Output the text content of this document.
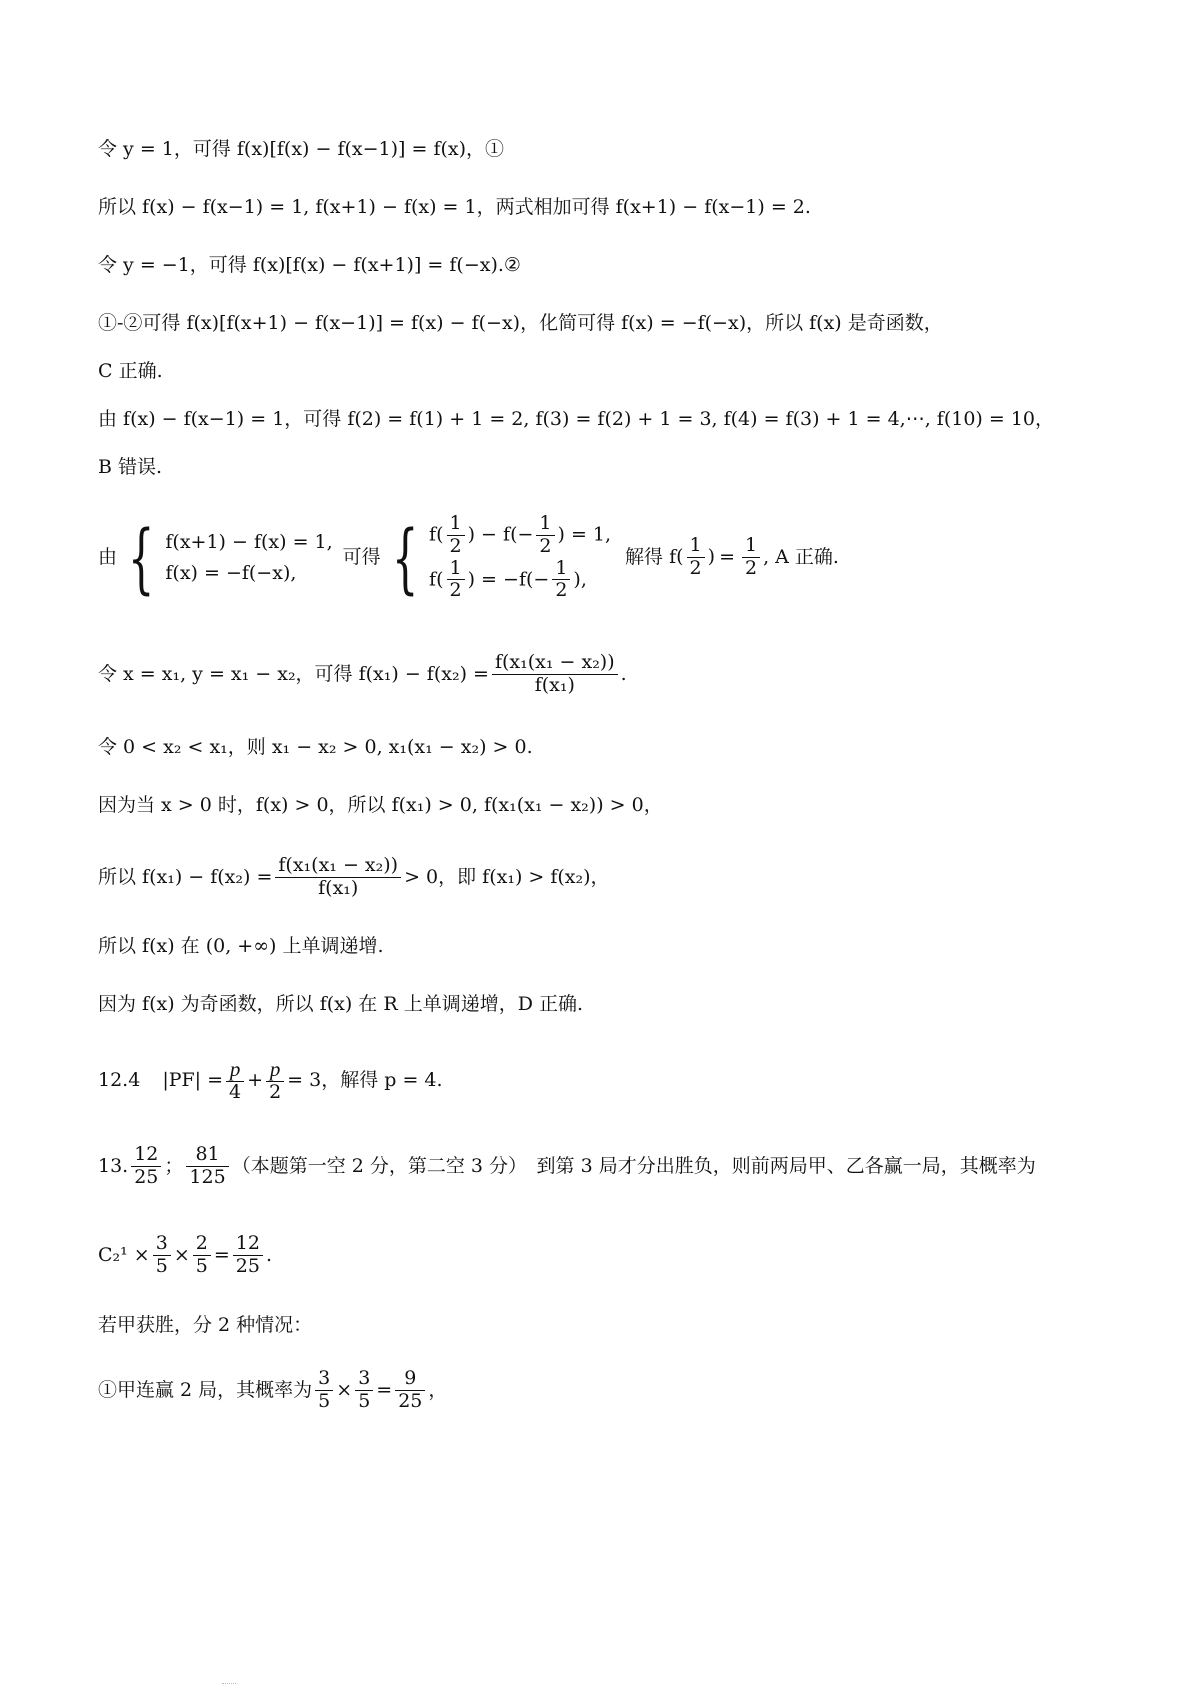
令 y = 1，可得 f(x)[f(x) − f(x−1)] = f(x)，①
所以 f(x) − f(x−1) = 1, f(x+1) − f(x) = 1，两式相加可得 f(x+1) − f(x−1) = 2.
令 y = −1，可得 f(x)[f(x) − f(x+1)] = f(−x).②
①-②可得 f(x)[f(x+1) − f(x−1)] = f(x) − f(−x)，化简可得 f(x) = −f(−x)，所以 f(x) 是奇函数，
C 正确.
由 f(x) − f(x−1) = 1，可得 f(2) = f(1) + 1 = 2, f(3) = f(2) + 1 = 3, f(4) = f(3) + 1 = 4,⋯, f(10) = 10，
B 错误.
由 { f(x+1) − f(x) = 1,
f(x) = −f(−x),
可得 { $f( \frac{1}{2}$ ) − $f(- \frac{1}{2}$ ) = 1,
$f( \frac{1}{2}$ ) = $-f(- \frac{1}{2}$ ),
解得 f ( $\frac{1}{2}$ ) = $\frac{1}{2}$ , A 正确.
令 x = x₁, y = x₁ − x₂，可得 $f(x_1) - f(x_2) = \frac{\text{f(x₁(x₁ − x₂))}}{\text{f(x₁)}}$ .
令 0 < x₂ < x₁，则 x₁ − x₂ > 0, x₁(x₁ − x₂) > 0.
因为当 x > 0 时，f(x) > 0，所以 f(x₁) > 0, f(x₁(x₁ − x₂)) > 0，
所以 $f(x_1) - f(x_2) = \frac{\text{f(x₁(x₁ − x₂))}}{\text{f(x₁)}} > 0$，即 f(x₁) > f(x₂)，
所以 f(x) 在 (0, +∞) 上单调递增.
因为 f(x) 为奇函数，所以 f(x) 在 R 上单调递增，D 正确.
12.4 $|PF| = \frac{p}{4} + \frac{p}{2} = 3$，解得 p = 4.
13. $\frac{12}{25}$ ； $\frac{81}{125}$ （本题第一空 2 分，第二空 3 分）　到第 3 局才分出胜负，则前两局甲、乙各赢一局，其概率为
$C_2^1 \times \frac{3}{5} \times \frac{2}{5} = \frac{12}{25}$ .
若甲获胜，分 2 种情况：
①甲连赢 2 局，其概率为 $\frac{3}{5} \times \frac{3}{5} = \frac{9}{25}$ ，
